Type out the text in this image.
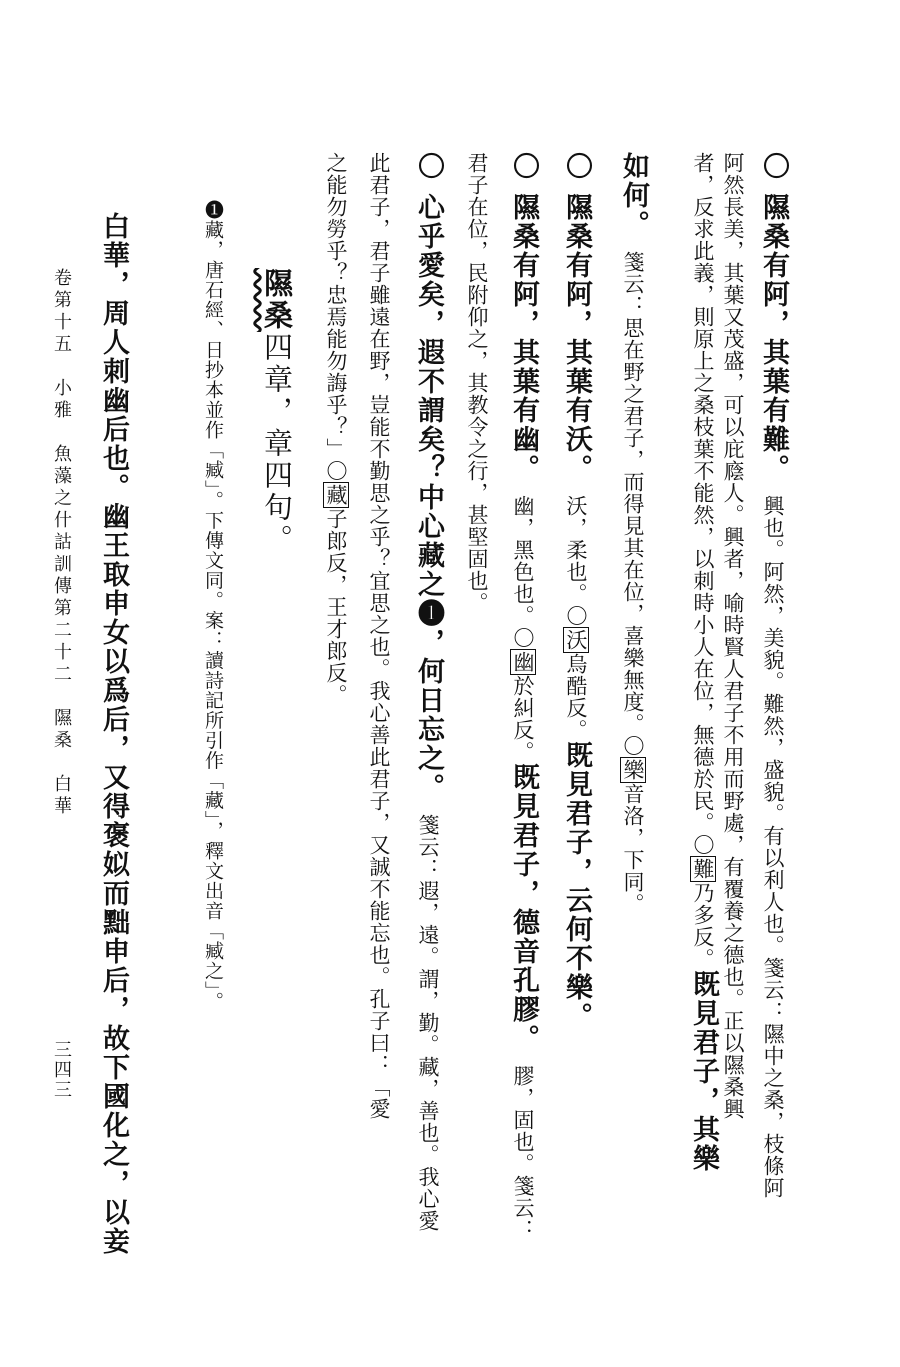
〇隰桑有阿，其葉有難。興也。阿然，美貌。難然，盛貌。有以利人也。箋云：隰中之桑，枝條阿
阿然長美，其葉又茂盛，可以庇廕人。興者，喻時賢人君子不用而野處，有覆養之德也。正以隰桑興
者，反求此義，則原上之桑枝葉不能然，以刺時小人在位，無德於民。〇難乃多反。既見君子，其樂
如何。箋云：思在野之君子，而得見其在位，喜樂無度。〇樂音洛，下同。
〇隰桑有阿，其葉有沃。沃，柔也。〇沃烏酷反。既見君子，云何不樂。
〇隰桑有阿，其葉有幽。幽，黑色也。〇幽於糾反。既見君子，德音孔膠。膠，固也。箋云：
君子在位，民附仰之，其教令之行，甚堅固也。
〇心乎愛矣，遐不謂矣？中心藏之❶，何日忘之。箋云：遐，遠。謂，勤。藏，善也。我心愛
此君子，君子雖遠在野，豈能不勤思之乎？宜思之也。我心善此君子，又誠不能忘也。孔子曰：「愛
之能勿勞乎？忠焉能勿誨乎？」〇藏子郎反，王才郎反。
隰桑四章，章四句。
❶藏，唐石經、日抄本並作「臧」。下傳文同。案：讀詩記所引作「藏」，釋文出音「臧之」。
白華，周人刺幽后也。幽王取申女以爲后，又得褒姒而黜申后，故下國化之，以妾
卷第十五　小雅　魚藻之什詁訓傳第二十二　隰桑　白華
三四三
